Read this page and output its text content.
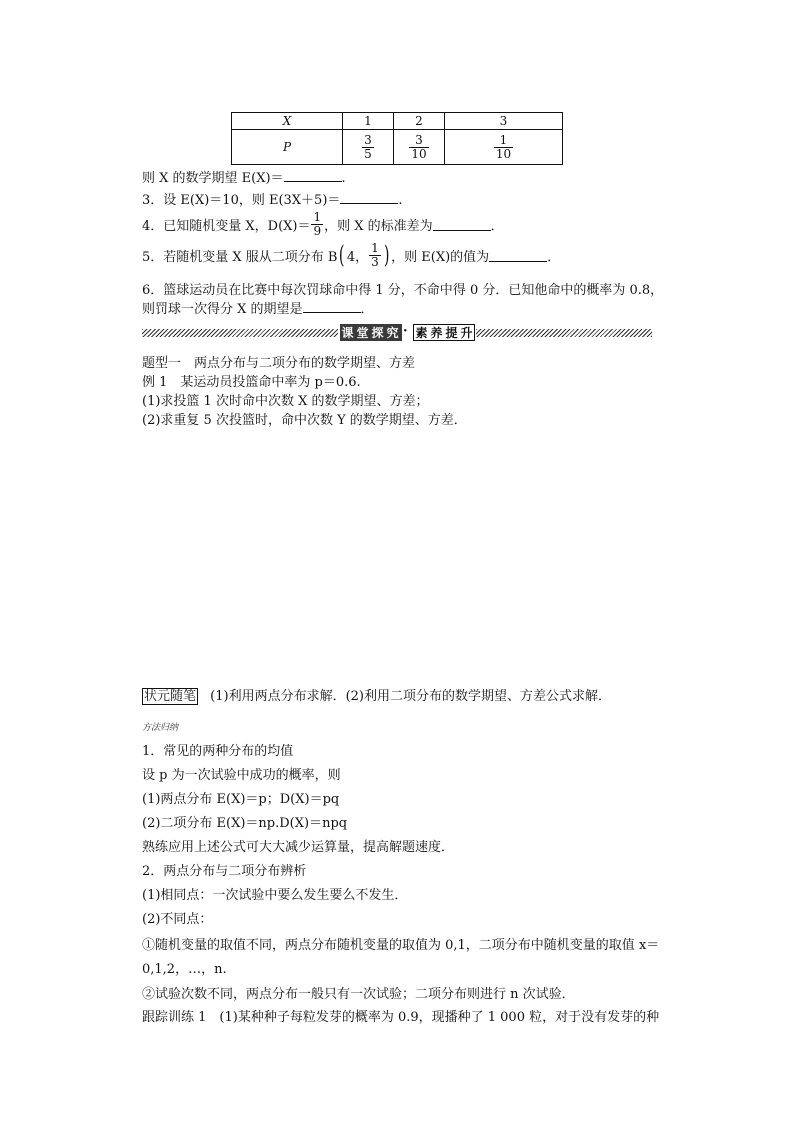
X	1	2	3
P	$\frac{3}{5}$	$\frac{3}{10}$	$\frac{1}{10}$
则 X 的数学期望 E(X)＝	.
3．设 E(X)＝10，则 E(3X＋5)＝	.
4．已知随机变量 X，$D(X)= \frac{1}{9}$ ，则 X 的标准差为	．
5．若随机变量 X 服从二项分布 B ( 4， $\frac{1}{3}$ ) ，则 E(X)的值为	．
6．篮球运动员在比赛中每次罚球命中得 1 分，不命中得 0 分．已知他命中的概率为 0.8，
则罚球一次得分 X 的期望是	．
课 堂 探 究 · 素 养 提 升
题型一　两点分布与二项分布的数学期望、方差
例 1　某运动员投篮命中率为 p＝0.6.
(1)求投篮 1 次时命中次数 X 的数学期望、方差；
(2)求重复 5 次投篮时，命中次数 Y 的数学期望、方差．
状元随笔 (1)利用两点分布求解．(2)利用二项分布的数学期望、方差公式求解．
方法归纳
1．常见的两种分布的均值
设 p 为一次试验中成功的概率，则
(1)两点分布 E(X)＝p；D(X)＝pq
(2)二项分布 E(X)＝np.D(X)＝npq
熟练应用上述公式可大大减少运算量，提高解题速度．
2．两点分布与二项分布辨析
(1)相同点：一次试验中要么发生要么不发生．
(2)不同点：
①随机变量的取值不同，两点分布随机变量的取值为 0,1，二项分布中随机变量的取值 x＝
0,1,2，…，n.
②试验次数不同，两点分布一般只有一次试验；二项分布则进行 n 次试验．
跟踪训练 1　(1)某种种子每粒发芽的概率为 0.9，现播种了 1 000 粒，对于没有发芽的种
